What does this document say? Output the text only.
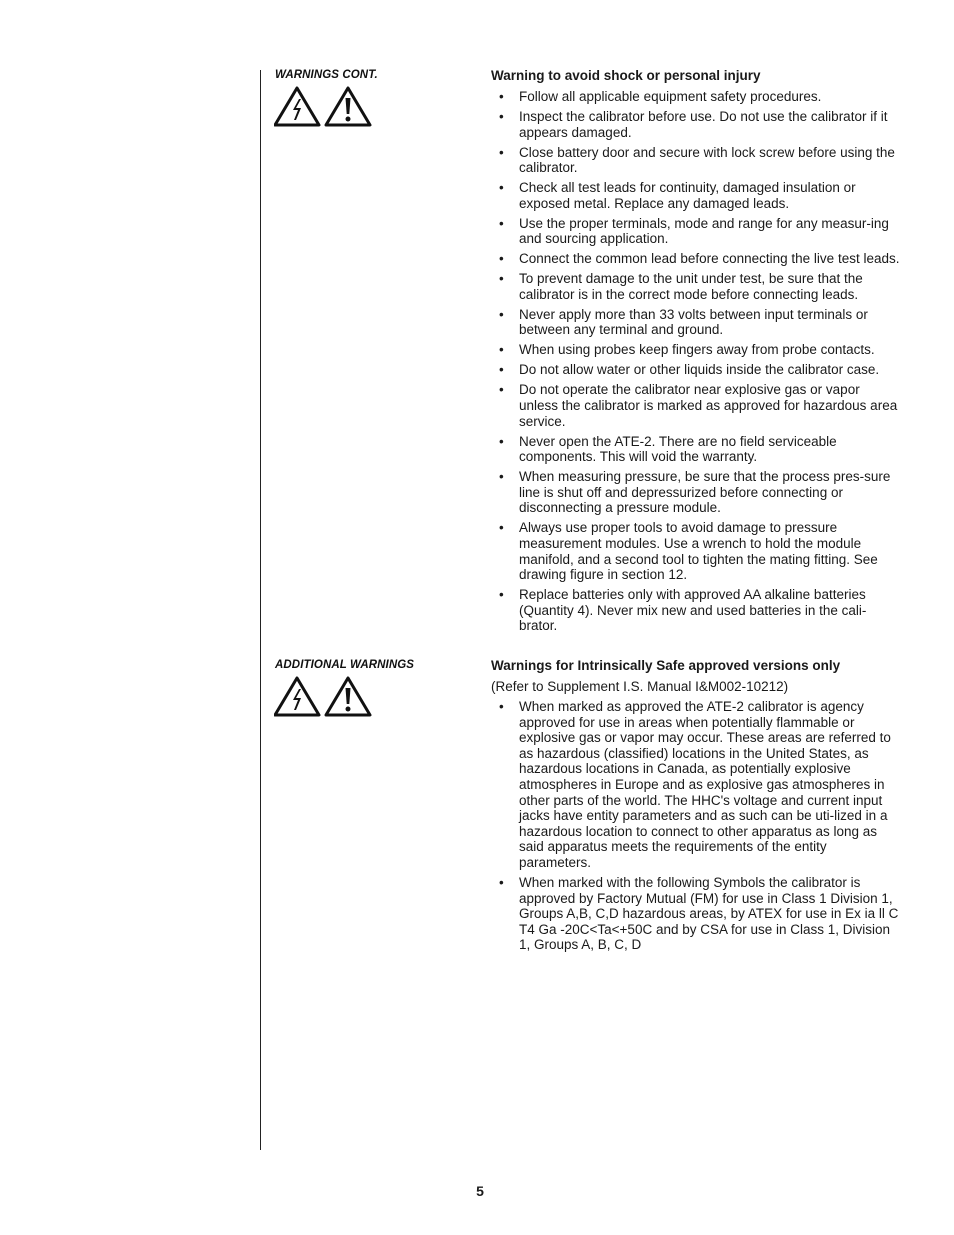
WARNINGS CONT.	Warning to avoid shock or personal injury
• Follow all applicable equipment safety procedures.
• Inspect the calibrator before use. Do not use the calibrator if it appears damaged.
• Close battery door and secure with lock screw before using the calibrator.
• Check all test leads for continuity, damaged insulation or exposed metal. Replace any damaged leads.
• Use the proper terminals, mode and range for any measur-ing and sourcing application.
• Connect the common lead before connecting the live test leads.
• To prevent damage to the unit under test, be sure that the calibrator is in the correct mode before connecting leads.
• Never apply more than 33 volts between input terminals or between any terminal and ground.
• When using probes keep fingers away from probe contacts.
• Do not allow water or other liquids inside the calibrator case.
• Do not operate the calibrator near explosive gas or vapor unless the calibrator is marked as approved for hazardous area service.
• Never open the ATE-2. There are no field serviceable components. This will void the warranty.
• When measuring pressure, be sure that the process pres-sure line is shut off and depressurized before connecting or disconnecting a pressure module.
• Always use proper tools to avoid damage to pressure measurement modules. Use a wrench to hold the module manifold, and a second tool to tighten the mating fitting. See drawing figure in section 12.
• Replace batteries only with approved AA alkaline batteries (Quantity 4). Never mix new and used batteries in the cali-brator.
ADDITIONAL WARNINGS	Warnings for Intrinsically Safe approved versions only
(Refer to Supplement I.S. Manual I&M002-10212)
• When marked as approved the ATE-2 calibrator is agency approved for use in areas when potentially flammable or explosive gas or vapor may occur. These areas are referred to as hazardous (classified) locations in the United States, as hazardous locations in Canada, as potentially explosive atmospheres in Europe and as explosive gas atmospheres in other parts of the world. The HHC's voltage and current input jacks have entity parameters and as such can be uti-lized in a hazardous location to connect to other apparatus as long as said apparatus meets the requirements of the entity parameters.
• When marked with the following Symbols the calibrator is approved by Factory Mutual (FM) for use in Class 1 Division 1, Groups A,B, C,D hazardous areas, by ATEX for use in Ex ia ll C T4 Ga -20C<Ta<+50C and by CSA for use in Class 1, Division 1, Groups A, B, C, D
5
